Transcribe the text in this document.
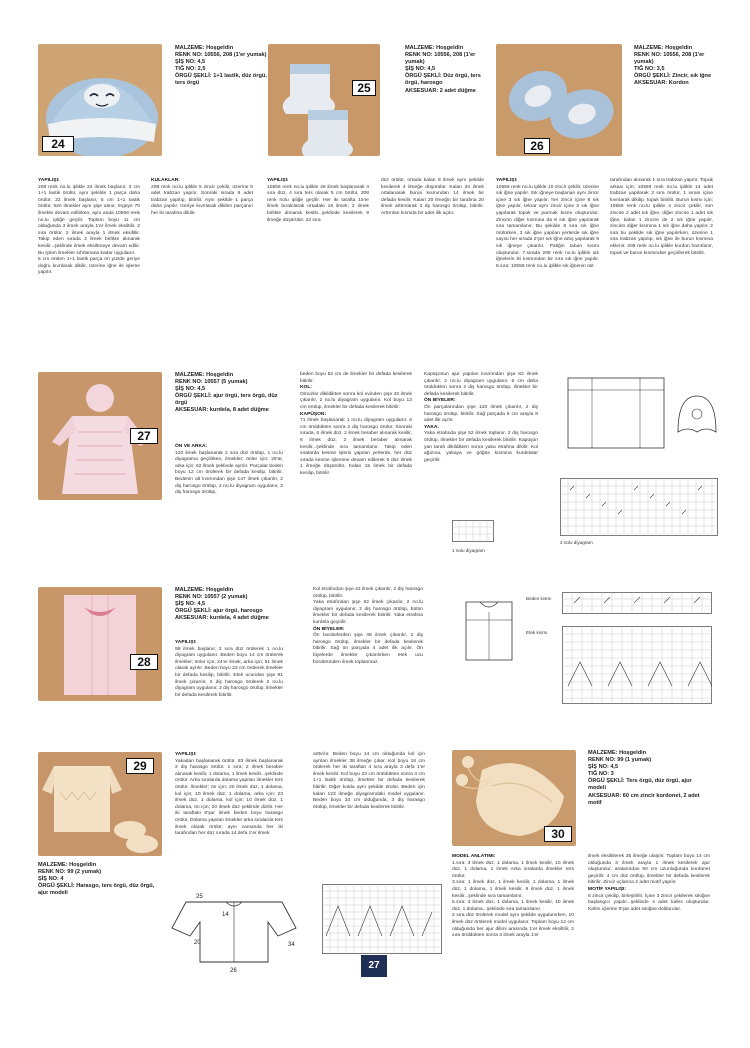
24
MALZEME: Hoşgeldin
RENK NO: 10556, 208 (1'er yumak)
ŞİŞ NO: 4,5
TIĞ NO: 2,5
ÖRGÜ ŞEKLİ: 1+1 lastik, düz örgü, ters örgü
YAPILIŞI:
208 renk no.lu iplikle 24 ilmek başlanır, 3 cm 1+1 lastik örülür, aynı şekilde 1 parça daha örülür. 22 ilmek başlanır, 5 cm 1+1 lastik örülür, tüm ilmekler aynı şişe alınır, örgüye 70 ilmekle devam edilirken, aynı anda 10556 renk no.lu ipliğe geçilir. Toplam boyu 11 cm olduğunda 3 ilmek arayla 1'er ilmek eksiltilir. 2 sıra örülür, 2 ilmek arayla 1 ilmek eksiltilir. Takip eden sırada 2 ilmek birlikte alınarak kesilir...şeklinde ilmek eksiltmeye devam edilir. Bu işlem ilmekler sıfırlanana kadar uygulanır.
5 cm örülen 1+1 lastik parça ön yüzde geriye doğru kıvrılarak dikilir, üzerine iğne ile işleme yapılır.
KULAKLAR:
208 renk no.lu iplikle 5 zincir çekilir, üzerine 5 adet trabzan yapılır. Sonraki sırada 8 adet trabzan yapılıp, bitirilir. Aynı şekilde 1 parça daha yapılır. Geriye kıvrılarak dikilen parçanın her iki tarafına dikilir.
25
MALZEME: Hoşgeldin
RENK NO: 10556, 208 (1'er yumak)
ŞİŞ NO: 4,5
ÖRGÜ ŞEKLİ: Düz örgü, ters örgü, harosgo
AKSESUAR: 2 adet düğme
YAPILIŞI:
10556 renk no.lu iplikle 46 ilmek başlanarak 4 sıra düz, 4 sıra ters olarak 5 cm örülür, 208 renk nolu ipliğe geçilir. Her iki tarafta 15'er ilmek bırakılarak ortadaki 16 ilmek; 2 ilmek birlikte alınarak kesilir...şeklinde kesilerek 9 ilmeğe düşürülür. 22 sıra
düz örülür, ortada kalan 8 ilmek aynı şekilde kesilerek 4 ilmeğe düşürülür. Kalan 34 ilmek ortalanarak burun kısmından 14 ilmek bir defada kesilir. Kalan 20 ilmeğin bir tarafına 20 ilmek arttırılarak 3 dş harosgo örülüp, bitirilir. Arttırılan kısmda bir adet ilik açılır.
26
MALZEME: Hoşgeldin
RENK NO: 10556, 208 (1'er yumak)
TIĞ NO: 3,5
ÖRGÜ ŞEKLİ: Zincir, sık iğne
AKSESUAR: Kordon
YAPILIŞI:
10556 renk no.lu iplikle 10 zincir çekilir, üzerine sık iğne yapılır. Sık iğneye başlanan aynı zincir içine 3 sık iğne yapılır, her zincir içine 8 sık iğne yapılır, tekrar aynı zincir içine 3 sık iğne yapılarak topuk ve parmak kısmı oluşturulur. Zincirin diğer kısmına da 8 sık iğne yapılarak sıra tamamlanır. Bu şekilde 8 sıra sık iğne örülürken, 3 sık iğne yapılan yerlerde sık iğne sayısı her sırada 2'şer sık iğne artış yapılarak 9 sık iğneye çıkarılır. Patiğin taban kısmı oluşturulur. 7.sırada 208 renk no.lu iplikle sık iğnelerin iki kısmından bir sıra sık iğne yapılır. 8.sıra: 10556 renk no.lu iplikle sık iğnenin üst
tarafından alınarak 1 sıra trabzan yapılır. Topuk arkası için; 10556 renk no.lu iplikle 14 adet trabzan yapılarak 2 sıra örülür, 1 sırası içine kıvrılarak dikilip, topuk bitirilir. Burun kısmı için; 10556 renk no.lu iplikle 4 zincir çekilir, son zincire 2 adet sık iğne, diğer zincire 1 adet sık iğne, kalan 1 zincire de 2 sık iğne yapılır, zincirin diğer kısmına 1 sık iğne daha yapılır. 2 sıra bu şekilde sık iğne yapılırken, üzerine 1 sıra trabzan yapılıp, sık iğne ile burun kısmına eklenir. 208 renk no.lu iplikle kordon hazırlanır, topuk ve burun kısmından geçirilerek bitirilir.
27
MALZEME: Hoşgeldin
RENK NO: 10557 (5 yumak)
ŞİŞ NO: 4,5
ÖRGÜ ŞEKLİ: ajur örgü, ters örgü, düz örgü
AKSESUAR: kurdela, 8 adet düğme
ÖN VE ARKA:
120 ilmek başlanarak 2 sıra düz örülüp, 1 no.lu diyagrama geçilirken, ilmekler; önler için; 29'ar, arka için; 62 ilmek şeklinde ayrılır. Parçalar beden boyu 12 cm örülerek bir defada kesilip, bitirilir. Bedenin alt kısmından şişe 147 ilmek çıkarılır, 2 diş harosgo örülüp, 2 no.lu diyagram uygulanır, 2 diş harosgo örülüp,
beden boyu 52 cm de ilmekler bir defada kesilerek bitirilir.
KOL:
Omuzlar dikildikten sonra kol evinden şişe 43 ilmek çıkarılır, 2 no.lu diyagram uygulanır. Kol boyu 13 cm örülüp, ilmekler bir defada kesilerek bitirilir.
KAPÜŞON:
71 ilmek başlanarak 1 no.lu diyagram uygulanır. 6 cm örüldükten sonra 2 diş harosgo örülür. Sonraki sırada, 6 ilmek düz, 2 ilmek beraber alınarak kesilir, 6 ilmek düz, 2 ilmek beraber alınarak kesilir...şeklinde sıra tamamlanır. Takip eden sıralarda kesme işlemi yapılan yerlerde, her düz sırada kesme işlemine devam edilerek 6 düz ilmek 1 ilmeğe düşürülür. Kalan 15 ilmek bir defada kesilip, bitirilir.
Kapüşonun ajur yapılan kısmından şişe 83 ilmek çıkarılır, 2 no.lu diyagram uygulanır. 6 cm daha örüldükten sonra 2 diş harosgo örülüp, ilmekler bir defada kesilerek bitirilir.
ÖN BİYELER:
Ön parçalarından şişe 120 ilmek çıkarılır, 2 diş harosgo örülüp, bitirilir. Sağ parçada 6 cm arayla 8 adet ilik açılır.
YAKA:
Yaka etrafında şişe 52 ilmek toplanır. 2 diş harosgo örülüp, ilmekler bir defada kesilerek bitirilir. Kapüşon yan tarafı dikildikten sonra yaka etrafına dikilir. Kol ağızına, yakaya ve göğüs kısmına kurdelalar geçirilir.
1 nolu diyagram
2 nolu diyagram
28
MALZEME: Hoşgeldin
RENK NO: 10557 (2 yumak)
ŞİŞ NO: 4,5
ÖRGÜ ŞEKLİ: ajur örgü, harosgo
AKSESUAR: kurdela, 4 adet düğme
YAPILIŞI:
99 ilmek başlanır, 2 sıra düz örülerek 1 no.lu diyagram uygulanır. Beden boyu 14 cm örülerek ilmekler; önler için; 24'er ilmek, arka için; 51 ilmek olarak ayrılır. Beden boyu 23 cm örülerek ilmekler bir defada kesilip, bitirilir. Etek ucundan şişe 91 ilmek çıkarılır, 2 diş harosgo örülerek 2 no.lu diyagram uygulanır, 2 diş harosgo örülüp, ilmekler bir defada kesilerek bitirilir.
Kol etrafından şişe 42 ilmek çıkarılır, 2 diş harosgo örülüp, bitirilir.
Yaka etrafından şişe 62 ilmek çıkarılır, 2 no.lu diyagram uygulanır, 2 diş harosgo örülüp, bütün ilmekler bir defada kesilerek bitirilir. Yaka etrafına kurdela geçirilir.
ÖN BİYELER:
Ön bordürlerden şişe 48 ilmek çıkarılır, 2 diş harosgo örülüp, ilmekler bir defada kesilerek bitirilir. Sağ ön parçada 4 adet ilik açılır. Ön biyelerde ilmekler çıkarılırken etek ucu bordüründen ilmek toplanmaz.
Beden kısmı
Etek kısmı
29
MALZEME: Hoşgeldin
RENK NO: 99 (2 yumak)
ŞİŞ NO: 4
ÖRGÜ ŞEKLİ: Harasgo, ters örgü, düz örgü, ajur modeli
YAPILIŞI:
Yakadan başlanarak örülür. 83 ilmek başlanarak 2 diş harasgo örülür. 1 sıra; 2 ilmek beraber alınarak kesilir, 1 dolama, 1 ilmek kesilir...şeklinde örülür. Arka sıralarda dolama yapılan ilmekler ters örülür. İlmekler; ön için; 20 ilmek düz, 1 dolama, kol için; 10 ilmek düz, 1 dolama, arka için; 23 ilmek düz, 1 dolama, kol için; 10 ilmek düz, 1 dolama, ön için; 20 ilmek düz şeklinde dizilir. Her iki taraftaki 6'şar ilmek beden boyu harasgo örülür. Dolama yapılan ilmekler arka sıralarda ters ilmek olarak örülür, aynı zamanda her iki tarafından her düz sırada 14 defa 1'er ilmek
arttırılır. Beden boyu 14 cm olduğunda kol için ayrılan ilmekler 38 ilmeğe çıkar. Kol boyu 16 cm örülerek her iki taraftan 4 sıra arayla 3 defa 1'er ilmek kesilir. Kol boyu 23 cm örüldükten sonra 3 cm 1+1 lastik örülüp, ilmekler bir defada kesilerek bitirilir. Diğer kolda aynı şekilde örülür. Beden için kalan 123 ilmeğe diyagramdaki model uygulanır. Beden boyu 34 cm olduğunda, 3 diş harasgo örülüp, ilmekler bir defada kesilerek bitirilir.
25
14
20	34
26
30
MALZEME: Hoşgeldin
RENK NO: 99 (1 yumak)
ŞİŞ NO: 4,5
TIĞ NO: 3
ÖRGÜ ŞEKLİ: Ters örgü, düz örgü, ajur modeli
AKSESUAR: 60 cm zincir kordonet, 2 adet motif
MODEL ANLATIMI:
1.sıra: 3 ilmek düz, 1 dolama, 1 ilmek kesilir, 10 ilmek düz, 1 dolama, 1 ilmek Arka sıralarda ilmekler ters örülür.
3.sıra: 1 ilmek düz, 1 ilmek kesilir, 1 dolama, 1 ilmek düz, 1 dolama, 1 ilmek kesilir, 9 ilmek düz, 1 ilmek kesilir...şeklinde sıra tamamlanır.
5.sıra: 3 ilmek düz, 1 dolama, 1 ilmek kesilir, 10 ilmek düz, 1 dolama...şeklinde sıra tamamlanır.
2 sıra düz örülerek model aynı şekilde uygulanırken, 10 ilmek düz örülerek model uygulanır. Toplam boyu 12 cm olduğunda her ajur dilimi arasında 1'er ilmek eksiltilir, 2 sıra örüldükten sonra 3 ilmek arayla 1'er
ilmek eksiltilerek 35 ilmeğe ulaşılır. Toplam boyu 14 cm olduğunda 3 ilmek arayla 1 ilmek kesilerek ajur oluşturulur, aralarından 60 cm uzunluğunda kordonet geçirilir. 4 cm düz örülüp, ilmekler bir defada kesilerek bitirilir. Zincir uçlarına 2 adet motif yapılır.
MOTİF YAPILIŞI:
6 zincir çekilip, birleştirilir. İçine 3 zincir çekilerek sıkiğne başlangıcı yapılır...şeklinde 4 adet kafes oluşturulur. Kafes içlerine 6'şar adet sıkiğne doldurulur.
27
